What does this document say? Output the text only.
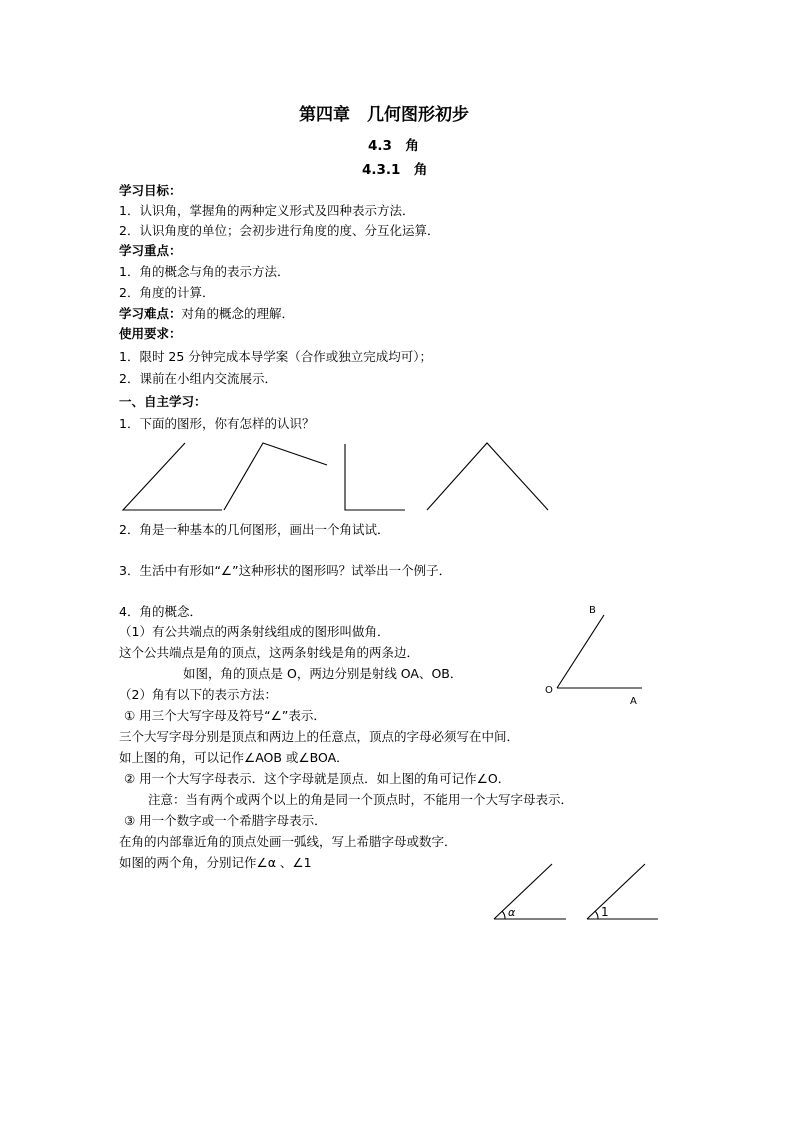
第四章　几何图形初步
4.3　角
4.3.1　角
学习目标：
1．认识角，掌握角的两种定义形式及四种表示方法．
2．认识角度的单位；会初步进行角度的度、分互化运算．
学习重点：
1．角的概念与角的表示方法．
2．角度的计算．
学习难点：对角的概念的理解．
使用要求：
1．限时 25 分钟完成本导学案（合作或独立完成均可）；
2．课前在小组内交流展示．
一、自主学习：
1．下面的图形，你有怎样的认识？
2．角是一种基本的几何图形，画出一个角试试．
3．生活中有形如“∠”这种形状的图形吗？试举出一个例子．
4．角的概念．
（1）有公共端点的两条射线组成的图形叫做角．
这个公共端点是角的顶点，这两条射线是角的两条边．
如图，角的顶点是 O，两边分别是射线 OA、OB．
（2）角有以下的表示方法：
① 用三个大写字母及符号“∠”表示．
三个大写字母分别是顶点和两边上的任意点，顶点的字母必须写在中间．
如上图的角，可以记作∠AOB 或∠BOA．
② 用一个大写字母表示．这个字母就是顶点．如上图的角可记作∠O．
注意：当有两个或两个以上的角是同一个顶点时，不能用一个大写字母表示．
③ 用一个数字或一个希腊字母表示．
在角的内部靠近角的顶点处画一弧线，写上希腊字母或数字．
如图的两个角，分别记作∠α 、∠1
B
O
A
α	1
